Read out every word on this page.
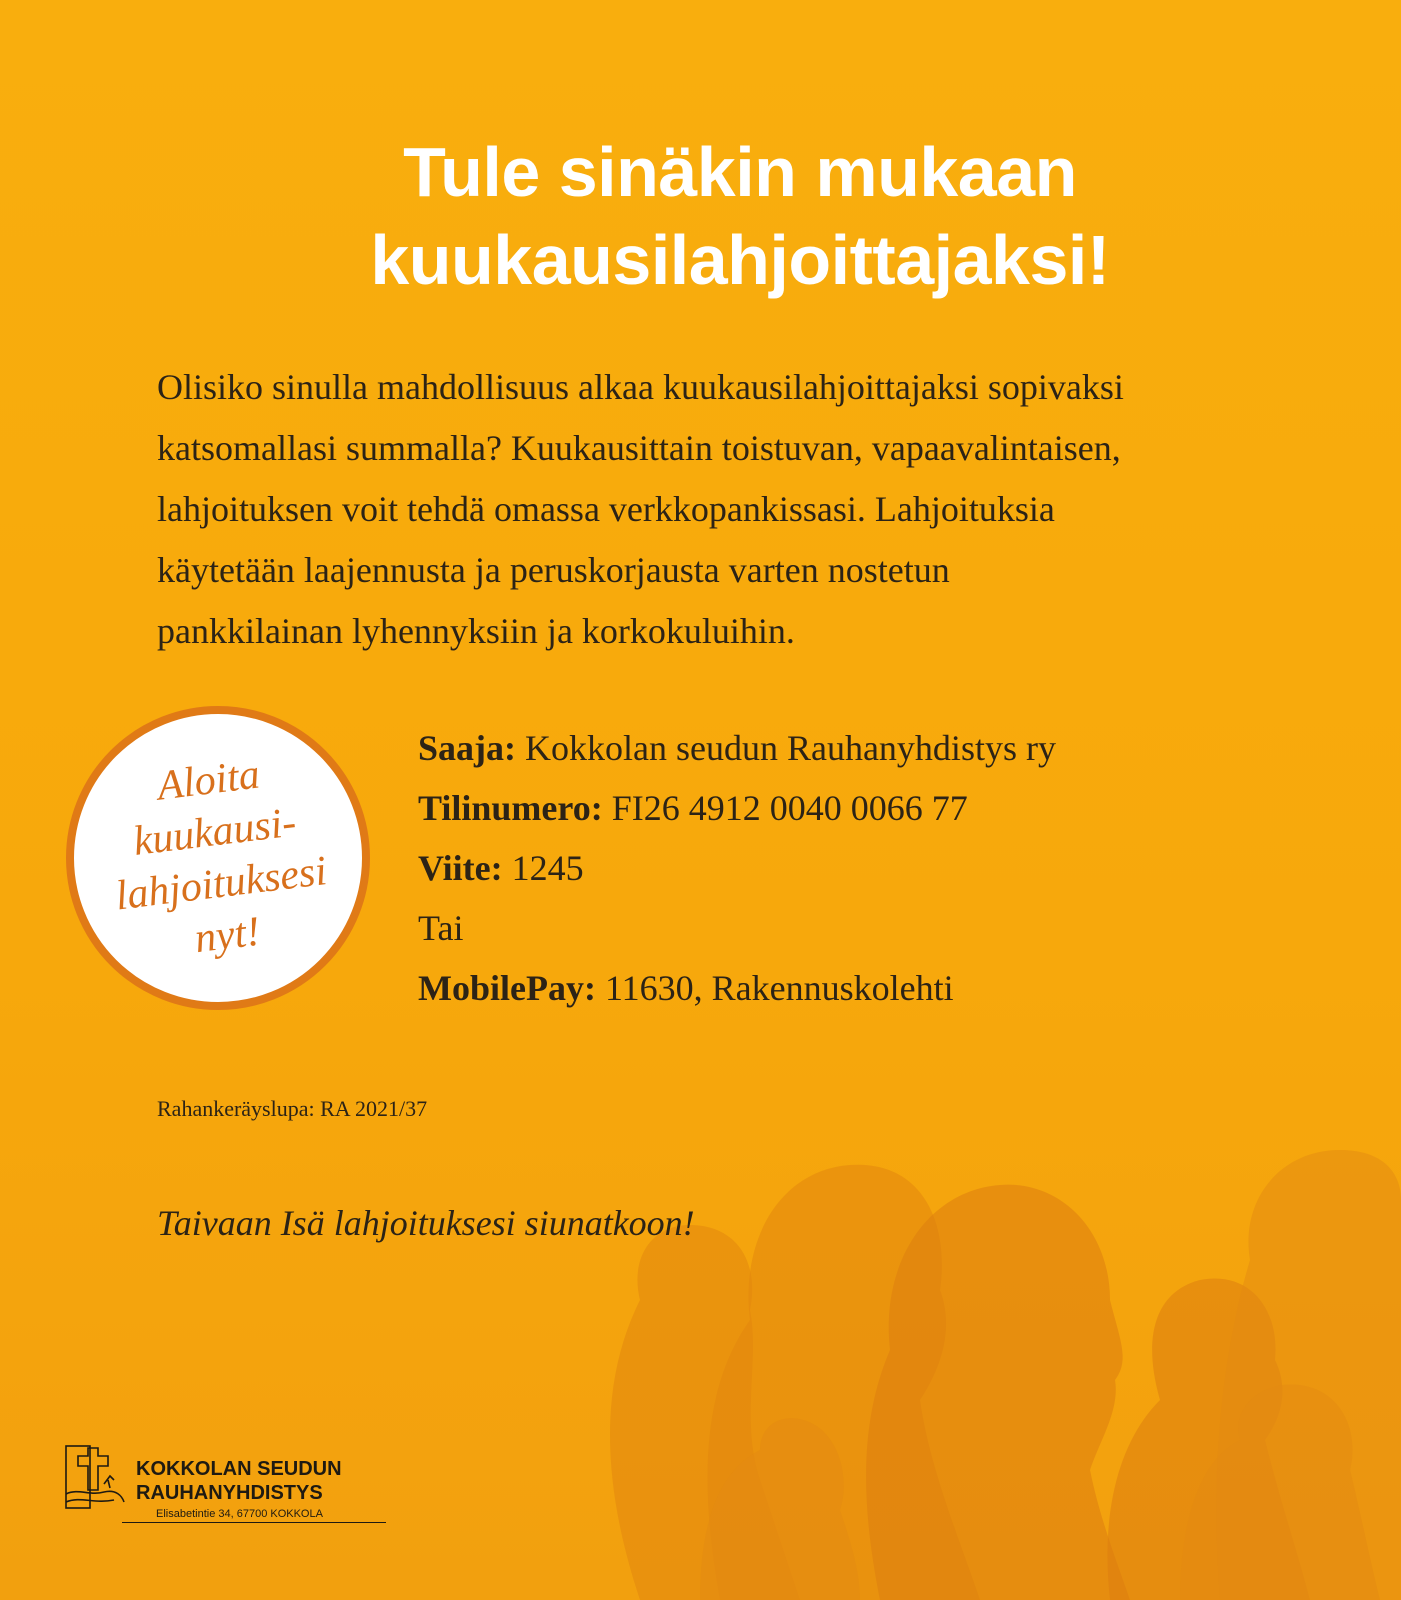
Tule sinäkin mukaan
kuukausilahjoittajaksi!

Olisiko sinulla mahdollisuus alkaa kuukausilahjoittajaksi sopivaksi
katsomallasi summalla? Kuukausittain toistuvan, vapaavalintaisen,
lahjoituksen voit tehdä omassa verkkopankissasi. Lahjoituksia
käytetään laajennusta ja peruskorjausta varten nostetun
pankkilainan lyhennyksiin ja korkokuluihin.

Aloita
kuukausi-
lahjoituksesi
nyt!
Saaja: Kokkolan seudun Rauhanyhdistys ry
Tilinumero: FI26 4912 0040 0066 77
Viite: 1245
Tai
MobilePay: 11630, Rakennuskolehti
Rahankeräyslupa: RA 2021/37
Taivaan Isä lahjoituksesi siunatkoon!
KOKKOLAN SEUDUN
RAUHANYHDISTYS
Elisabetintie 34, 67700 KOKKOLA
